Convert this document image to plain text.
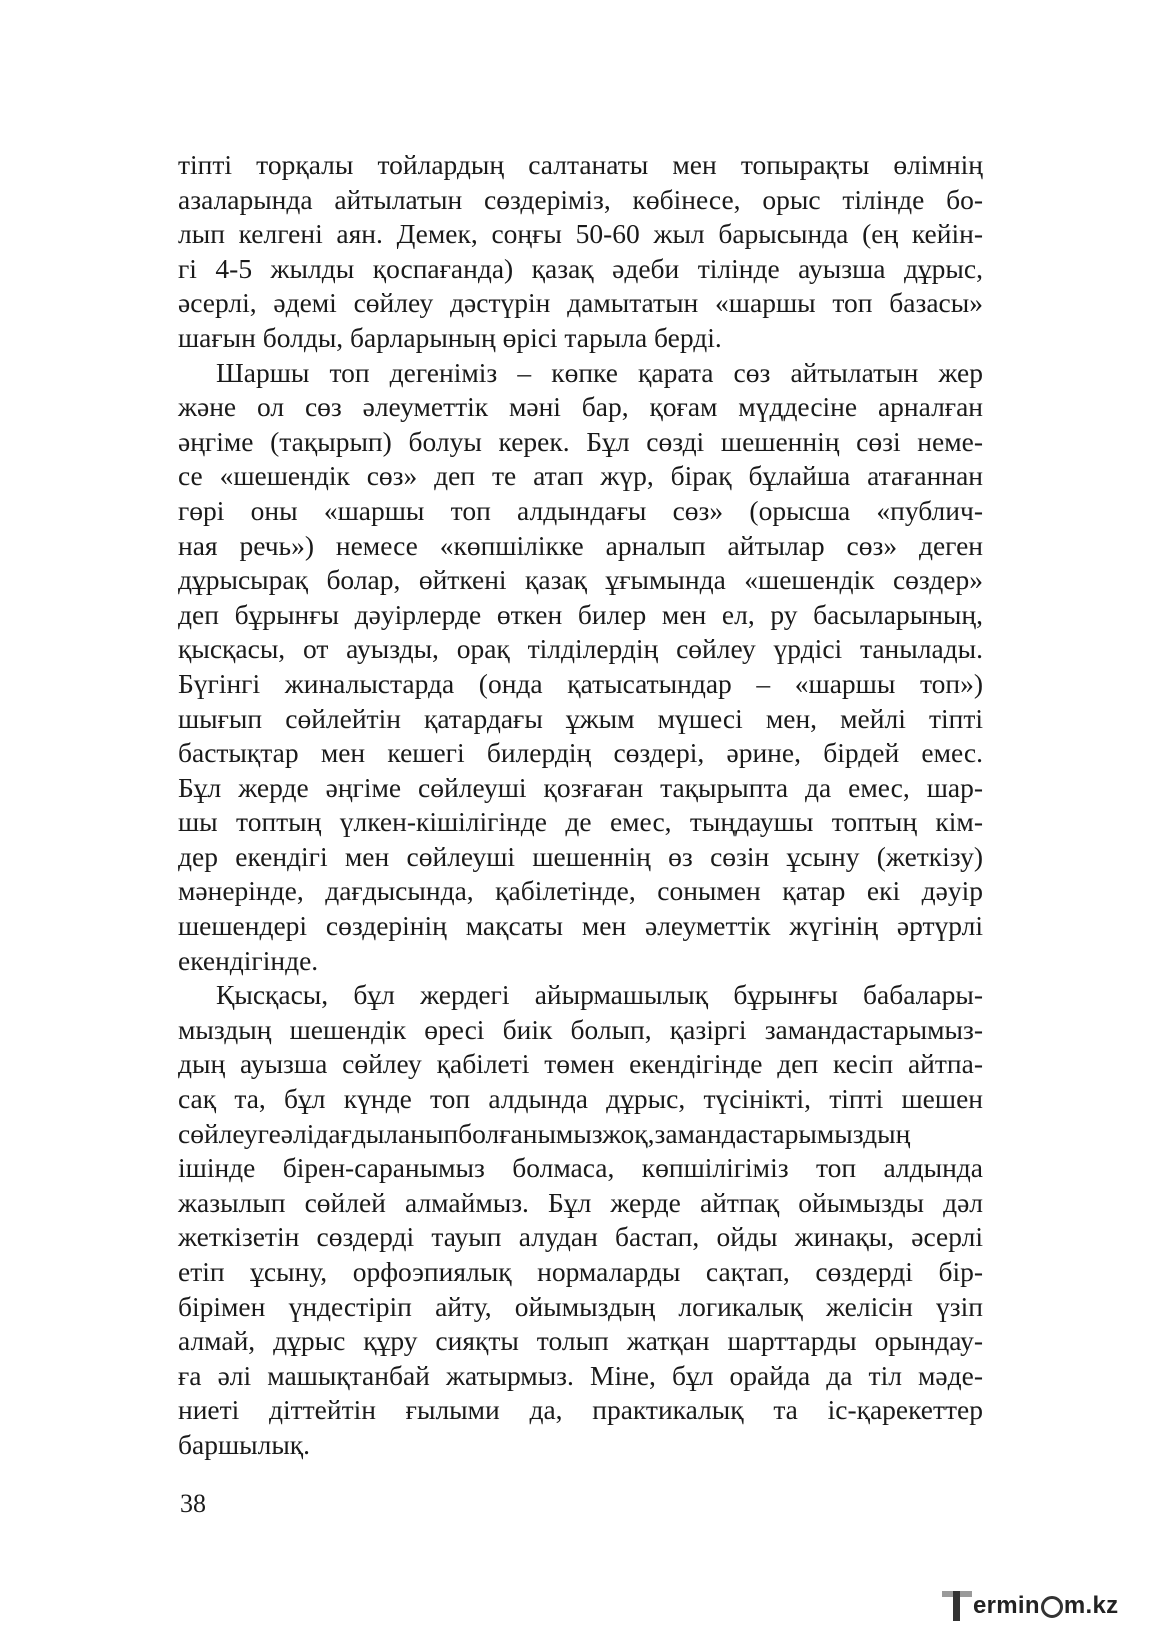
тіпті торқалы тойлардың салтанаты мен топырақты өлімнің
азаларында айтылатын сөздеріміз, көбінесе, орыс тілінде бо-
лып келгені аян. Демек, соңғы 50-60 жыл барысында (ең кейін-
гі 4-5 жылды қоспағанда) қазақ әдеби тілінде ауызша дұрыс,
әсерлі, әдемі сөйлеу дәстүрін дамытатын «шаршы топ базасы»
шағын болды, барларының өрісі тарыла берді.
Шаршы топ дегеніміз – көпке қарата сөз айтылатын жер
және ол сөз әлеуметтік мәні бар, қоғам мүддесіне арналған
әңгіме (тақырып) болуы керек. Бұл сөзді шешеннің сөзі неме-
се «шешендік сөз» деп те атап жүр, бірақ бұлайша атағаннан
гөрі оны «шаршы топ алдындағы сөз» (орысша «публич-
ная речь») немесе «көпшілікке арналып айтылар сөз» деген
дұрысырақ болар, өйткені қазақ ұғымында «шешендік сөздер»
деп бұрынғы дәуірлерде өткен билер мен ел, ру басыларының,
қысқасы, от ауызды, орақ тілділердің сөйлеу үрдісі танылады.
Бүгінгі жиналыстарда (онда қатысатындар – «шаршы топ»)
шығып сөйлейтін қатардағы ұжым мүшесі мен, мейлі тіпті
бастықтар мен кешегі билердің сөздері, әрине, бірдей емес.
Бұл жерде әңгіме сөйлеуші қозғаған тақырыпта да емес, шар-
шы топтың үлкен-кішілігінде де емес, тыңдаушы топтың кім-
дер екендігі мен сөйлеуші шешеннің өз сөзін ұсыну (жеткізу)
мәнерінде, дағдысында, қабілетінде, сонымен қатар екі дәуір
шешендері сөздерінің мақсаты мен әлеуметтік жүгінің әртүрлі
екендігінде.
Қысқасы, бұл жердегі айырмашылық бұрынғы бабалары-
мыздың шешендік өресі биік болып, қазіргі замандастарымыз-
дың ауызша сөйлеу қабілеті төмен екендігінде деп кесіп айтпа-
сақ та, бұл күнде топ алдында дұрыс, түсінікті, тіпті шешен
сөйлеугеәлідағдыланыпболғанымызжоқ,замандастарымыздың
ішінде бірен-саранымыз болмаса, көпшілігіміз топ алдында
жазылып сөйлей алмаймыз. Бұл жерде айтпақ ойымызды дәл
жеткізетін сөздерді тауып алудан бастап, ойды жинақы, әсерлі
етіп ұсыну, орфоэпиялық нормаларды сақтап, сөздерді бір-
бірімен үндестіріп айту, ойымыздың логикалық желісін үзіп
алмай, дұрыс құру сияқты толып жатқан шарттарды орындау-
ға әлі машықтанбай жатырмыз. Міне, бұл орайда да тіл мәде-
ниеті діттейтін ғылыми да, практикалық та іс-қарекеттер
баршылық.
38
ermin m.kz
